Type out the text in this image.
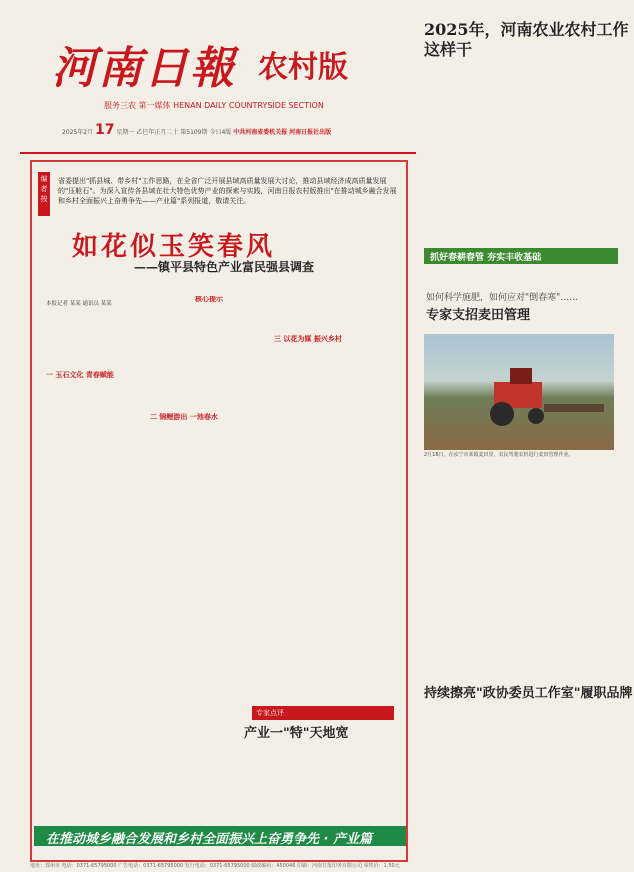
河南日報 农村版
服务三农 第一媒体 HENAN DAILY COUNTRYSIDE SECTION
2025年2月 17 星期一 乙巳年正月二十 第5109期 今日4版 中共河南省委机关报 河南日报社出版
编者按
省委提出"抓县城、带乡村"工作思路，在全省广泛开展县域高质量发展大讨论，推动县域经济成高质量发展的"压舱石"。为深入宣传各县域在壮大特色优势产业的探索与实践，河南日报农村版推出"在推动城乡融合发展和乡村全面振兴上奋勇争先——产业篇"系列报道，敬请关注。
如花似玉笑春风
——镇平县特色产业富民强县调查
本报记者 某某 通讯员 某某
一 玉石文化 青春赋能
核心提示
二 锦鲤游出 一池春水
三 以花为媒 振兴乡村
专家点评
产业一"特"天地宽
在推动城乡融合发展和乡村全面振兴上奋勇争先 · 产业篇
2025年，河南农业农村工作这样干
抓好春耕春管 夯实丰收基础
如何科学施肥，如何应对"倒春寒"……
专家支招麦田管理
2月16日，在汝宁市某镇麦田里，农民驾驶农机进行麦田管理作业。
持续擦亮"政协委员工作室"履职品牌
地址：郑州市 电话：0371-65795000 广告电话：0371-65795000 发行电话：0371-65795000 邮政编码：450046 印刷：河南日报印务有限公司 零售价：1.50元
